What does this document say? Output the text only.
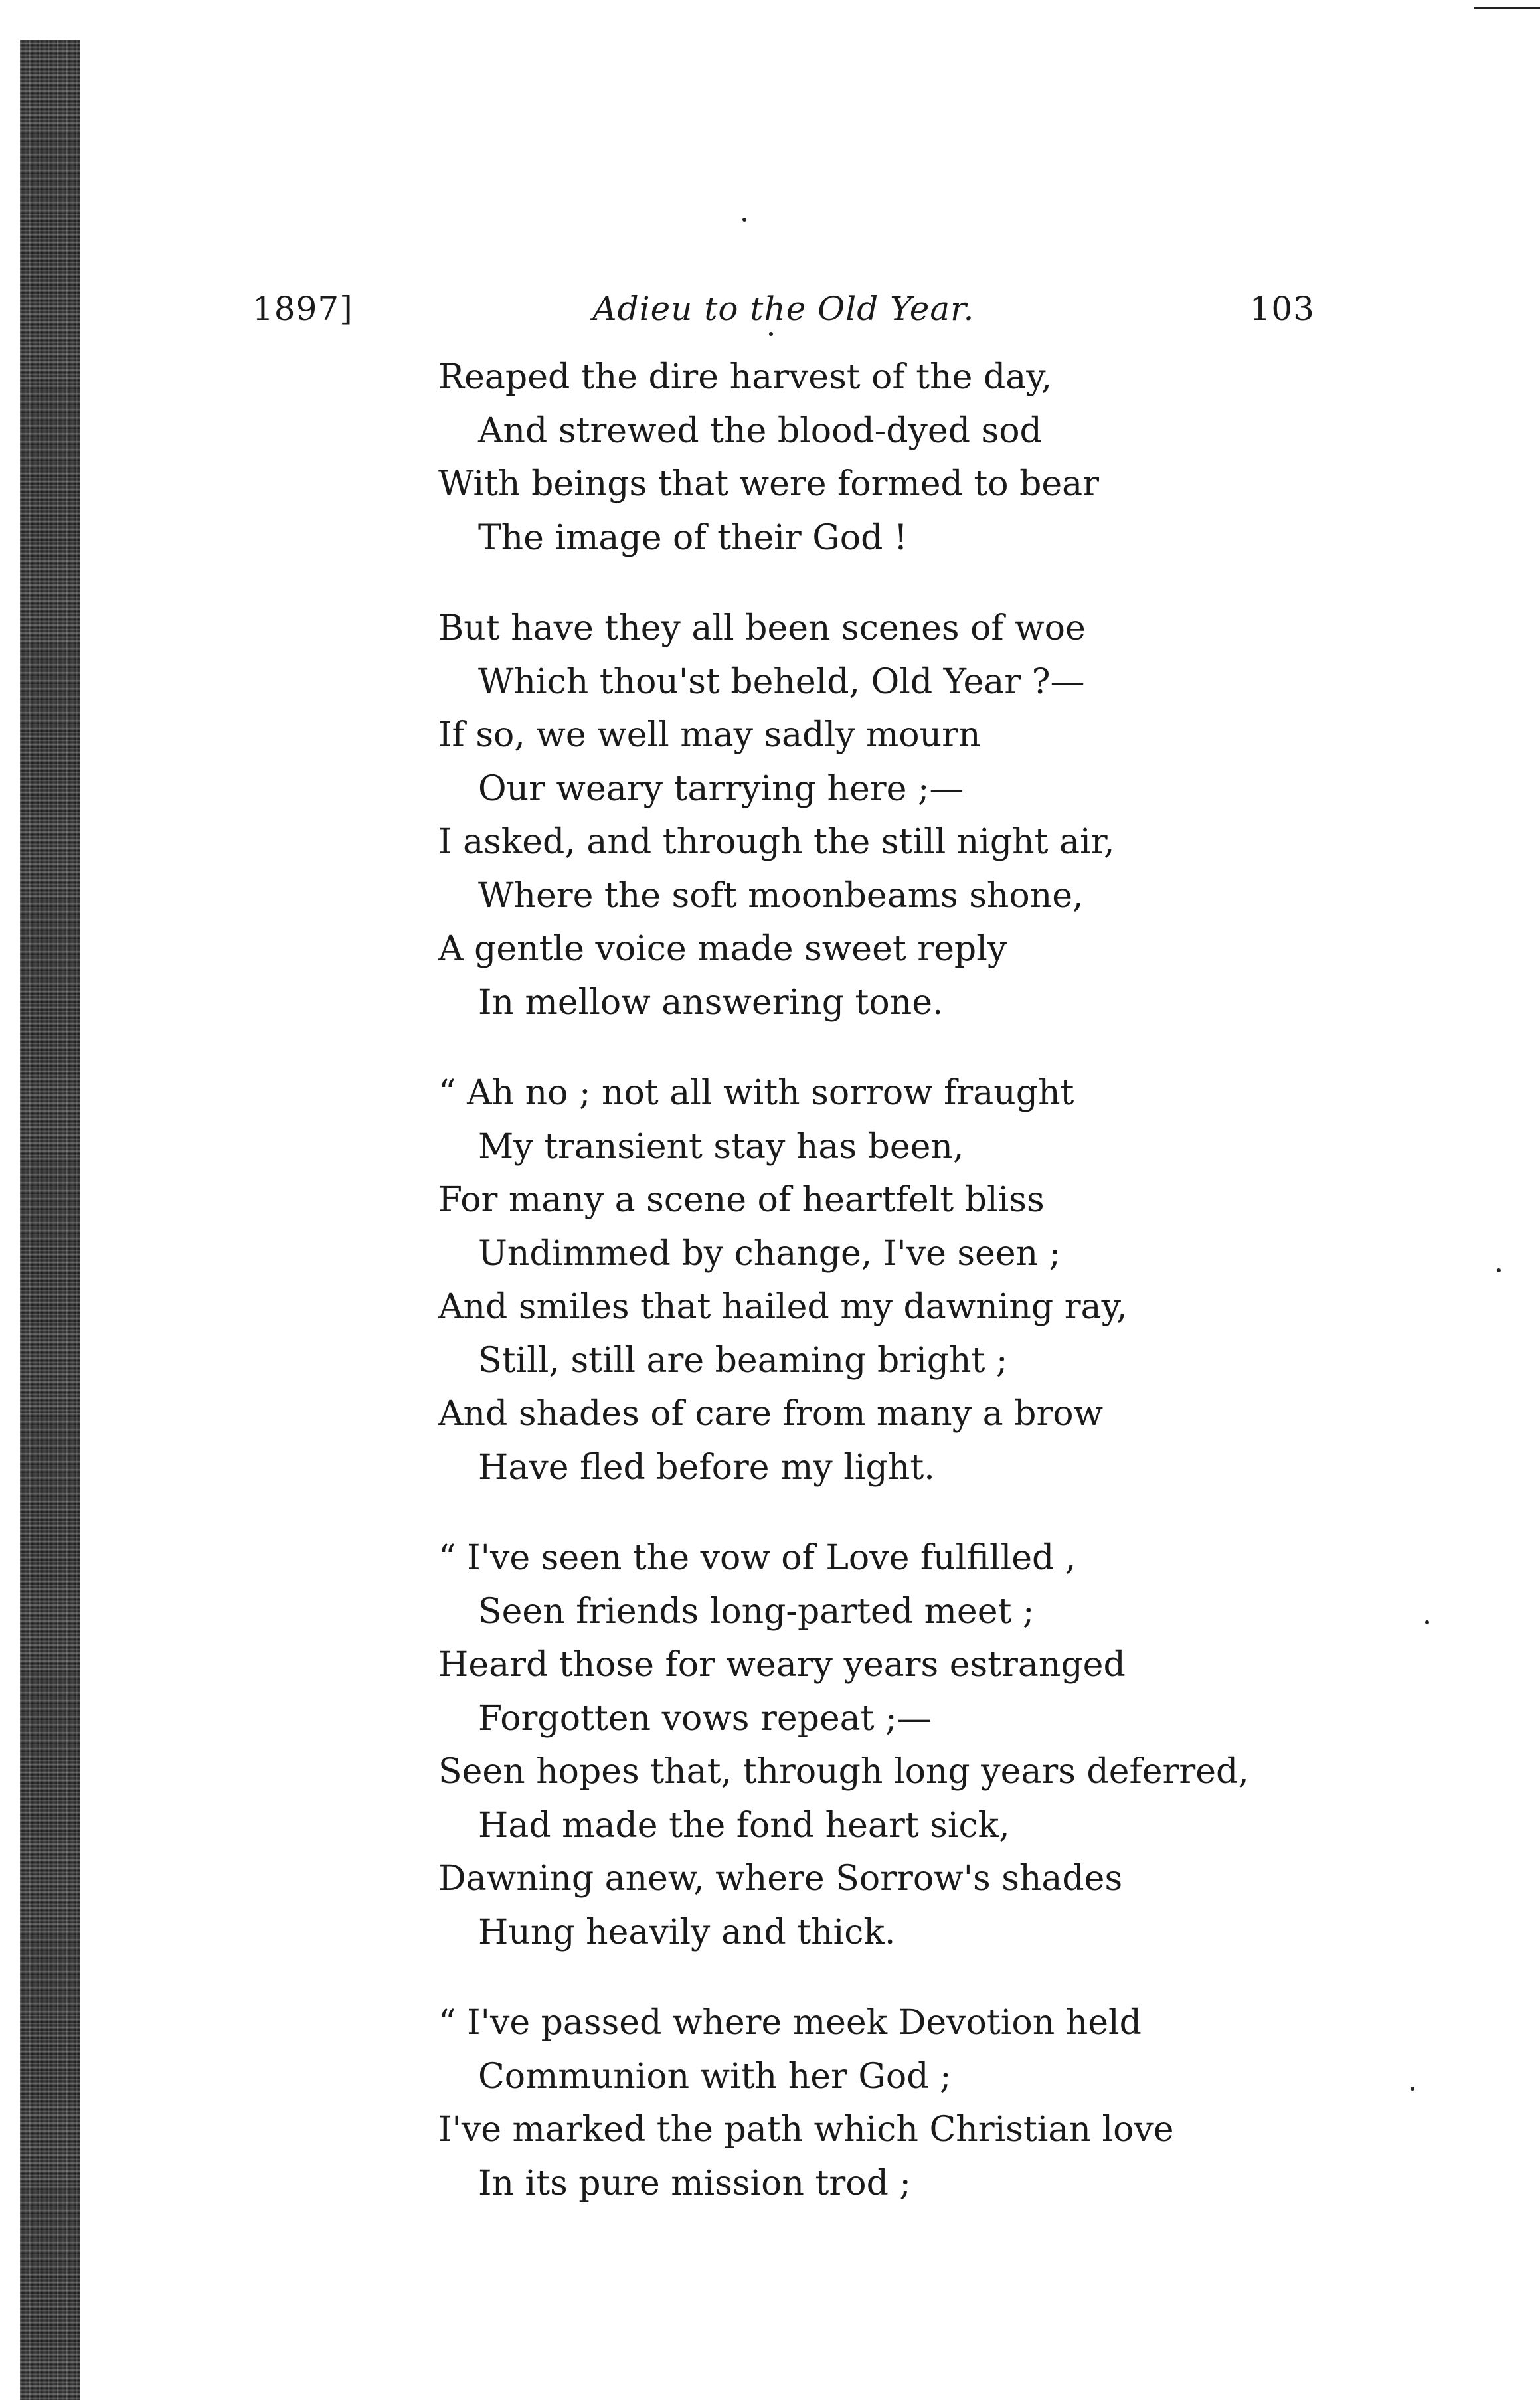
1897]	Adieu to the Old Year.	103
Reaped the dire harvest of the day,
And strewed the blood-dyed sod
With beings that were formed to bear
The image of their God !
But have they all been scenes of woe
Which thou'st beheld, Old Year ?—
If so, we well may sadly mourn
Our weary tarrying here ;—
I asked, and through the still night air,
Where the soft moonbeams shone,
A gentle voice made sweet reply
In mellow answering tone.
“ Ah no ; not all with sorrow fraught
My transient stay has been,
For many a scene of heartfelt bliss
Undimmed by change, I've seen ;
And smiles that hailed my dawning ray,
Still, still are beaming bright ;
And shades of care from many a brow
Have fled before my light.
“ I've seen the vow of Love fulfilled ,
Seen friends long-parted meet ;
Heard those for weary years estranged
Forgotten vows repeat ;—
Seen hopes that, through long years deferred,
Had made the fond heart sick,
Dawning anew, where Sorrow's shades
Hung heavily and thick.
“ I've passed where meek Devotion held
Communion with her God ;
I've marked the path which Christian love
In its pure mission trod ;
